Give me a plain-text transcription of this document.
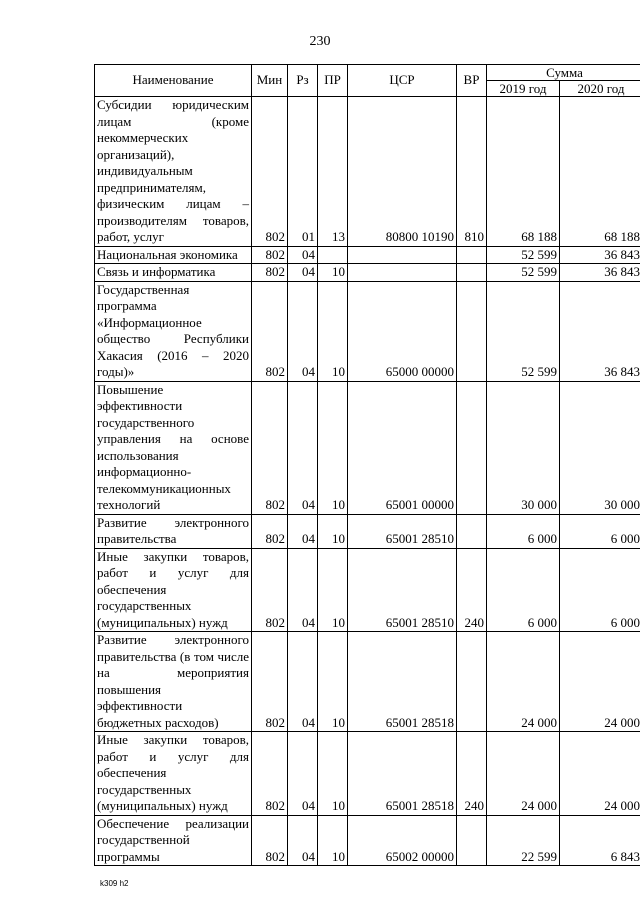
230
Наименование	Мин	Рз	ПР	ЦСР	ВР	Сумма	
						2019 год	2020 год
Субсидии юридическим лицам (кроме некоммерческих организаций), индивидуальным предпринимателям, физическим лицам – производителям товаров, работ, услуг	802	01	13	80800 10190	810	68 188	68 188
Национальная экономика	802	04				52 599	36 843
Связь и информатика	802	04	10			52 599	36 843
Государственная программа «Информационное общество Республики Хакасия (2016 – 2020 годы)»	802	04	10	65000 00000		52 599	36 843
Повышение эффективности государственного управления на основе использования информационно-телекоммуникационных технологий	802	04	10	65001 00000		30 000	30 000
Развитие электронного правительства	802	04	10	65001 28510		6 000	6 000
Иные закупки товаров, работ и услуг для обеспечения государственных (муниципальных) нужд	802	04	10	65001 28510	240	6 000	6 000
Развитие электронного правительства (в том числе на мероприятия повышения эффективности бюджетных расходов)	802	04	10	65001 28518		24 000	24 000
Иные закупки товаров, работ и услуг для обеспечения государственных (муниципальных) нужд	802	04	10	65001 28518	240	24 000	24 000
Обеспечение реализации государственной программы	802	04	10	65002 00000		22 599	6 843
k309 h2
